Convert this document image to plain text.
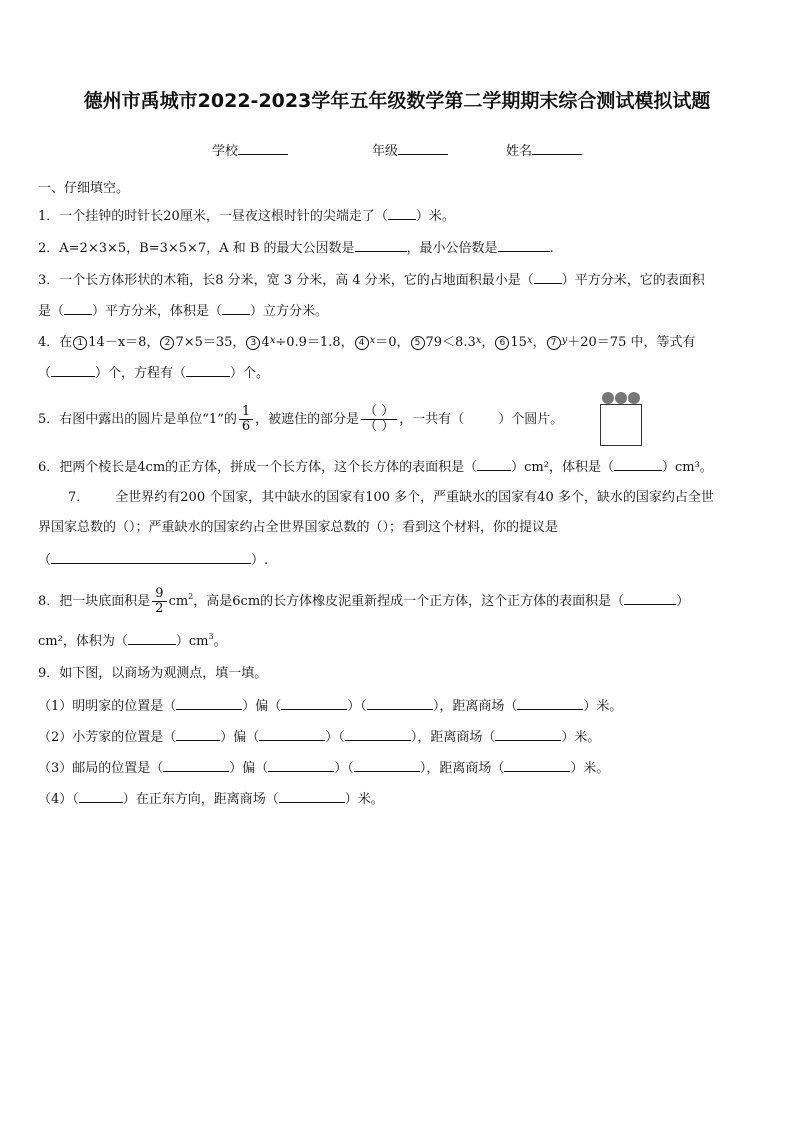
德州市禹城市2022-2023学年五年级数学第二学期期末综合测试模拟试题
学校	年级	姓名
一、仔细填空。
1．一个挂钟的时针长20厘米，一昼夜这根时针的尖端走了（ ）米。
2．A=2×3×5，B=3×5×7，A 和 B 的最大公因数是	，最小公倍数是	.
3．一个长方体形状的木箱，长8 分米，宽 3 分米，高 4 分米，它的占地面积最小是（ ）平方分米，它的表面积
是（ ）平方分米，体积是（ ）立方分米。
4．在 1 14－x＝8， 2 7×5＝35， 3 $4^x\div 0.9=1.8$， 4 $^x$＝0， 5 $79<8.3^x$， 6 15$^x$， 7 $^y$＋20＝75 中，等式有
（	）个，方程有（	）个。
5．右图中露出的圆片是单位“1”的 $\frac{1}{6}$ ，被遮住的部分是 $\frac{( )}{( )}$ ，一共有（	）个圆片。
6．把两个棱长是4cm的正方体，拼成一个长方体，这个长方体的表面积是（	）cm²，体积是（	）cm³。
7． 全世界约有200 个国家，其中缺水的国家有100 多个，严重缺水的国家有40 多个，缺水的国家约占全世
界国家总数的（）；严重缺水的国家约占全世界国家总数的（）；看到这个材料，你的提议是
（	）.
8．把一块底面积是 $\frac{9}{2} cm^2$，高是6cm的长方体橡皮泥重新捏成一个正方体，这个正方体的表面积是（	）
cm²，体积为（	）$cm^3$。
9．如下图，以商场为观测点，填一填。
（1）明明家的位置是（	）偏（	）（	），距离商场（	）米。
（2）小芳家的位置是（	）偏（	）（	），距离商场（	）米。
（3）邮局的位置是（	）偏（	）（	），距离商场（	）米。
（4）（	）在正东方向，距离商场（	）米。
